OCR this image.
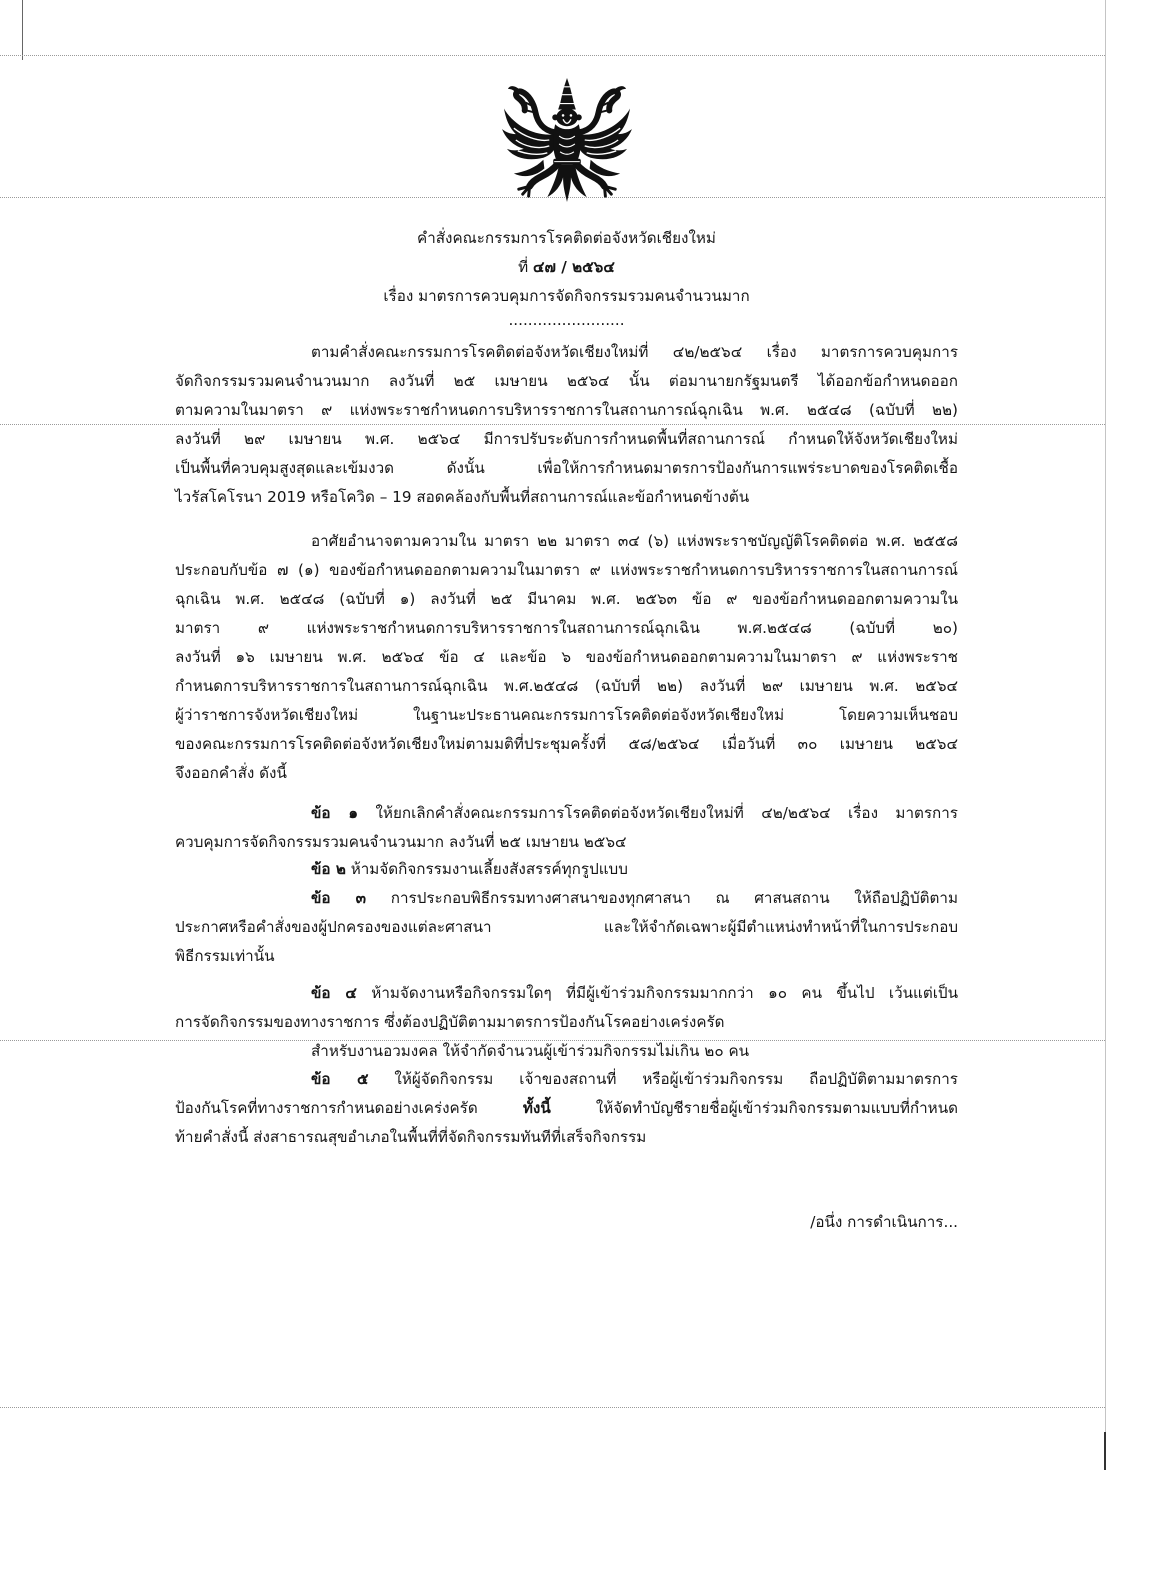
คำสั่งคณะกรรมการโรคติดต่อจังหวัดเชียงใหม่
ที่ ๔๗ / ๒๕๖๔
เรื่อง มาตรการควบคุมการจัดกิจกรรมรวมคนจำนวนมาก
........................
ตามคำสั่งคณะกรรมการโรคติดต่อจังหวัดเชียงใหม่ที่ ๔๒/๒๕๖๔ เรื่อง มาตรการควบคุมการ
จัดกิจกรรมรวมคนจำนวนมาก ลงวันที่ ๒๕ เมษายน ๒๕๖๔ นั้น ต่อมานายกรัฐมนตรี ได้ออกข้อกำหนดออก
ตามความในมาตรา ๙ แห่งพระราชกำหนดการบริหารราชการในสถานการณ์ฉุกเฉิน พ.ศ. ๒๕๔๘ (ฉบับที่ ๒๒)
ลงวันที่ ๒๙ เมษายน พ.ศ. ๒๕๖๔ มีการปรับระดับการกำหนดพื้นที่สถานการณ์ กำหนดให้จังหวัดเชียงใหม่
เป็นพื้นที่ควบคุมสูงสุดและเข้มงวด ดังนั้น เพื่อให้การกำหนดมาตรการป้องกันการแพร่ระบาดของโรคติดเชื้อ
ไวรัสโคโรนา 2019 หรือโควิด – 19 สอดคล้องกับพื้นที่สถานการณ์และข้อกำหนดข้างต้น
อาศัยอำนาจตามความใน มาตรา ๒๒ มาตรา ๓๔ (๖) แห่งพระราชบัญญัติโรคติดต่อ พ.ศ. ๒๕๕๘
ประกอบกับข้อ ๗ (๑) ของข้อกำหนดออกตามความในมาตรา ๙ แห่งพระราชกำหนดการบริหารราชการในสถานการณ์
ฉุกเฉิน พ.ศ. ๒๕๔๘ (ฉบับที่ ๑) ลงวันที่ ๒๕ มีนาคม พ.ศ. ๒๕๖๓ ข้อ ๙ ของข้อกำหนดออกตามความใน
มาตรา ๙ แห่งพระราชกำหนดการบริหารราชการในสถานการณ์ฉุกเฉิน พ.ศ.๒๕๔๘ (ฉบับที่ ๒๐)
ลงวันที่ ๑๖ เมษายน พ.ศ. ๒๕๖๔ ข้อ ๔ และข้อ ๖ ของข้อกำหนดออกตามความในมาตรา ๙ แห่งพระราช
กำหนดการบริหารราชการในสถานการณ์ฉุกเฉิน พ.ศ.๒๕๔๘ (ฉบับที่ ๒๒) ลงวันที่ ๒๙ เมษายน พ.ศ. ๒๕๖๔
ผู้ว่าราชการจังหวัดเชียงใหม่ ในฐานะประธานคณะกรรมการโรคติดต่อจังหวัดเชียงใหม่ โดยความเห็นชอบ
ของคณะกรรมการโรคติดต่อจังหวัดเชียงใหม่ตามมติที่ประชุมครั้งที่ ๕๘/๒๕๖๔ เมื่อวันที่ ๓๐ เมษายน ๒๕๖๔
จึงออกคำสั่ง ดังนี้
ข้อ ๑ ให้ยกเลิกคำสั่งคณะกรรมการโรคติดต่อจังหวัดเชียงใหม่ที่ ๔๒/๒๕๖๔ เรื่อง มาตรการ
ควบคุมการจัดกิจกรรมรวมคนจำนวนมาก ลงวันที่ ๒๕ เมษายน ๒๕๖๔
ข้อ ๒ ห้ามจัดกิจกรรมงานเลี้ยงสังสรรค์ทุกรูปแบบ
ข้อ ๓ การประกอบพิธีกรรมทางศาสนาของทุกศาสนา ณ ศาสนสถาน ให้ถือปฏิบัติตาม
ประกาศหรือคำสั่งของผู้ปกครองของแต่ละศาสนา และให้จำกัดเฉพาะผู้มีตำแหน่งทำหน้าที่ในการประกอบ
พิธีกรรมเท่านั้น
ข้อ ๔ ห้ามจัดงานหรือกิจกรรมใดๆ ที่มีผู้เข้าร่วมกิจกรรมมากกว่า ๑๐ คน ขึ้นไป เว้นแต่เป็น
การจัดกิจกรรมของทางราชการ ซึ่งต้องปฏิบัติตามมาตรการป้องกันโรคอย่างเคร่งครัด
สำหรับงานอวมงคล ให้จำกัดจำนวนผู้เข้าร่วมกิจกรรมไม่เกิน ๒๐ คน
ข้อ ๕ ให้ผู้จัดกิจกรรม เจ้าของสถานที่ หรือผู้เข้าร่วมกิจกรรม ถือปฏิบัติตามมาตรการ
ป้องกันโรคที่ทางราชการกำหนดอย่างเคร่งครัด	ทั้งนี้	ให้จัดทำบัญชีรายชื่อผู้เข้าร่วมกิจกรรมตามแบบที่กำหนด
ท้ายคำสั่งนี้ ส่งสาธารณสุขอำเภอในพื้นที่ที่จัดกิจกรรมทันทีที่เสร็จกิจกรรม
/อนึ่ง การดำเนินการ...
